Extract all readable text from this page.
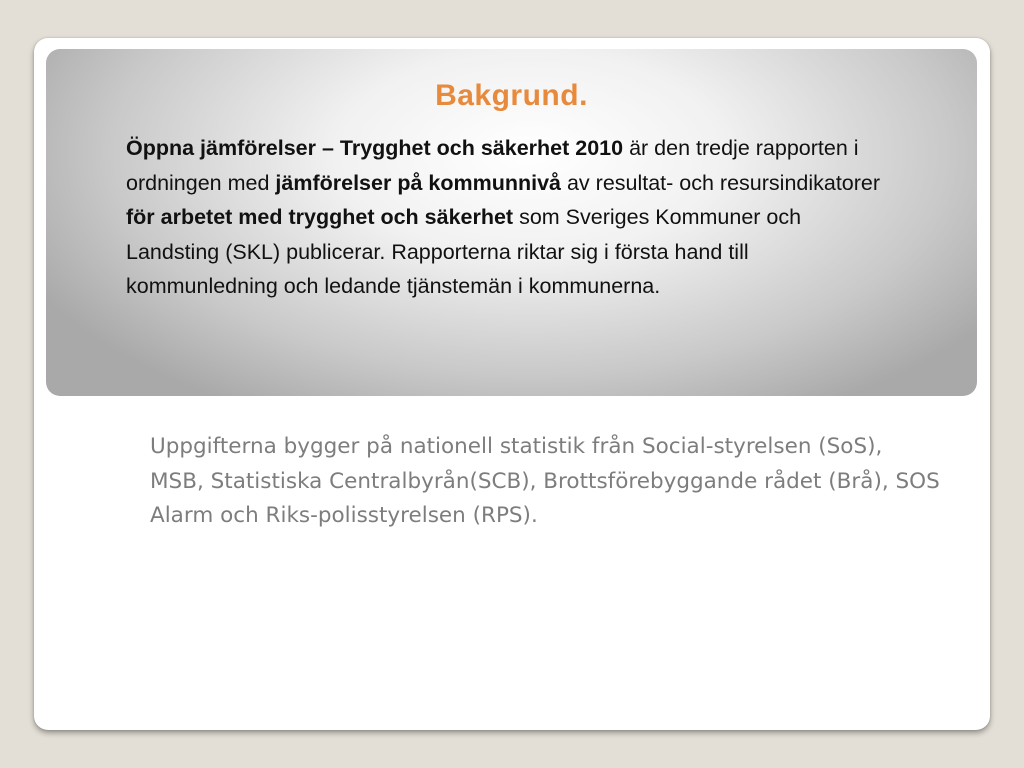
Bakgrund.

Öppna jämförelser – Trygghet och säkerhet 2010 är den tredje rapporten i ordningen med jämförelser på kommunnivå av resultat- och resursindikatorer för arbetet med trygghet och säkerhet som Sveriges Kommuner och Landsting (SKL) publicerar. Rapporterna riktar sig i första hand till kommunledning och ledande tjänstemän i kommunerna.

Uppgifterna bygger på nationell statistik från Social-styrelsen (SoS), MSB, Statistiska Centralbyrån(SCB), Brottsförebyggande rådet (Brå), SOS Alarm och Riks-polisstyrelsen (RPS).
